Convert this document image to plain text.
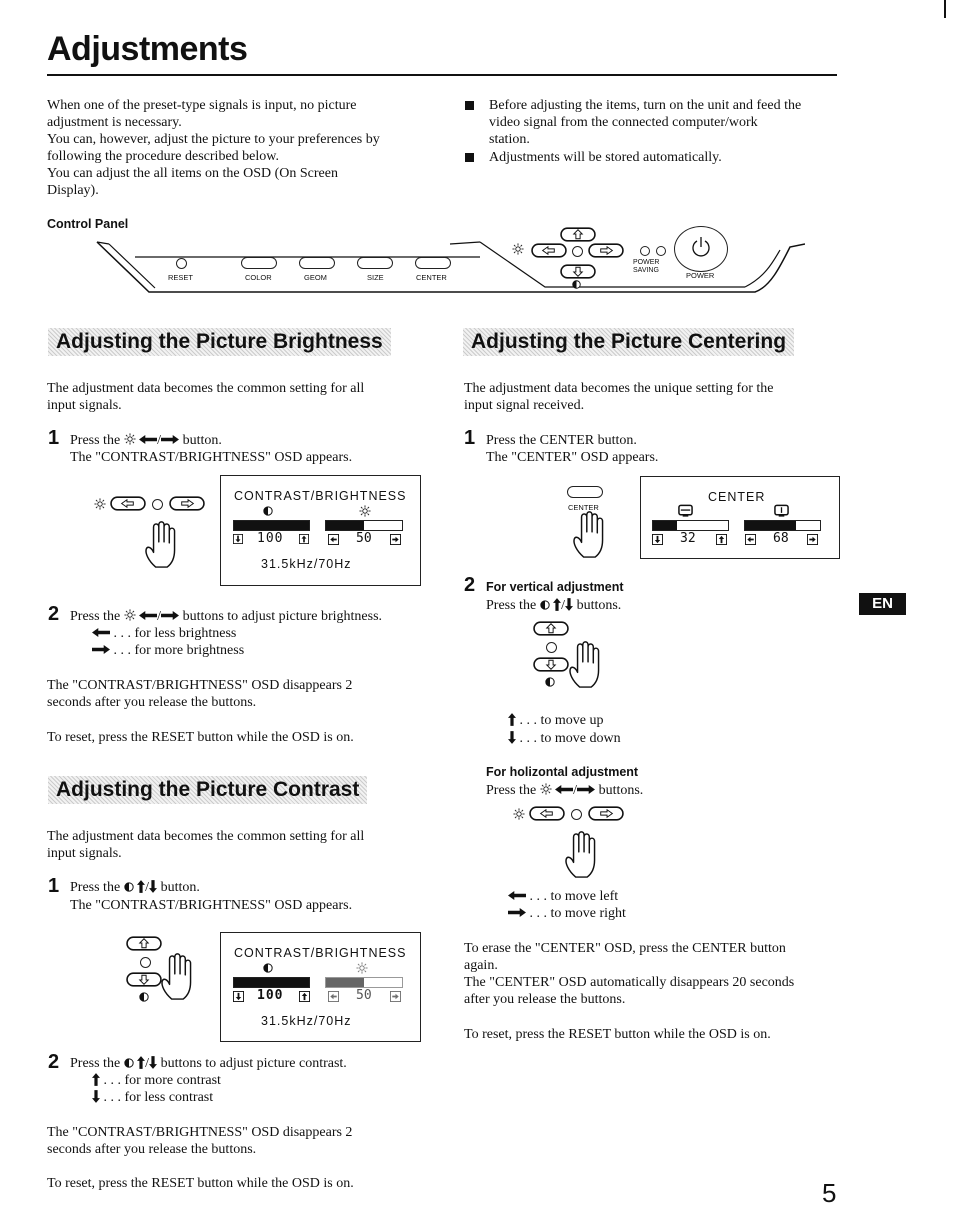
Adjustments
When one of the preset-type signals is input, no picture
adjustment is necessary.
You can, however, adjust the picture to your preferences by
following the procedure described below.
You can adjust the all items on the OSD (On Screen
Display).
Before adjusting the items, turn on the unit and feed the
video signal from the connected computer/work
station.
Adjustments will be stored automatically.
Control Panel
RESET	COLOR	GEOM	SIZE	CENTER
POWER
SAVING
POWER
Adjusting the Picture Brightness
The adjustment data becomes the common setting for all
input signals.
1 Press the	/ button.
The "CONTRAST/BRIGHTNESS" OSD appears.
CONTRAST/BRIGHTNESS
100	50
31.5kHz/70Hz
2 Press the	/ buttons to adjust picture brightness.
. . . for less brightness
. . . for more brightness
The "CONTRAST/BRIGHTNESS" OSD disappears 2
seconds after you release the buttons.
To reset, press the RESET button while the OSD is on.
Adjusting the Picture Contrast
The adjustment data becomes the common setting for all
input signals.
1 Press the / button.
The "CONTRAST/BRIGHTNESS" OSD appears.
CONTRAST/BRIGHTNESS
100	50
31.5kHz/70Hz
2 Press the / buttons to adjust picture contrast.
. . . for more contrast
. . . for less contrast
The "CONTRAST/BRIGHTNESS" OSD disappears 2
seconds after you release the buttons.
To reset, press the RESET button while the OSD is on.
Adjusting the Picture Centering
The adjustment data becomes the unique setting for the
input signal received.
1 Press the CENTER button.
The "CENTER" OSD appears.
CENTER
CENTER
32	68
2 For vertical adjustment
Press the / buttons.
. . . to move up
. . . to move down
For holizontal adjustment
Press the	/ buttons.
. . . to move left
. . . to move right
To erase the "CENTER" OSD, press the CENTER button
again.
The "CENTER" OSD automatically disappears 20 seconds
after you release the buttons.
To reset, press the RESET button while the OSD is on.
EN
5
